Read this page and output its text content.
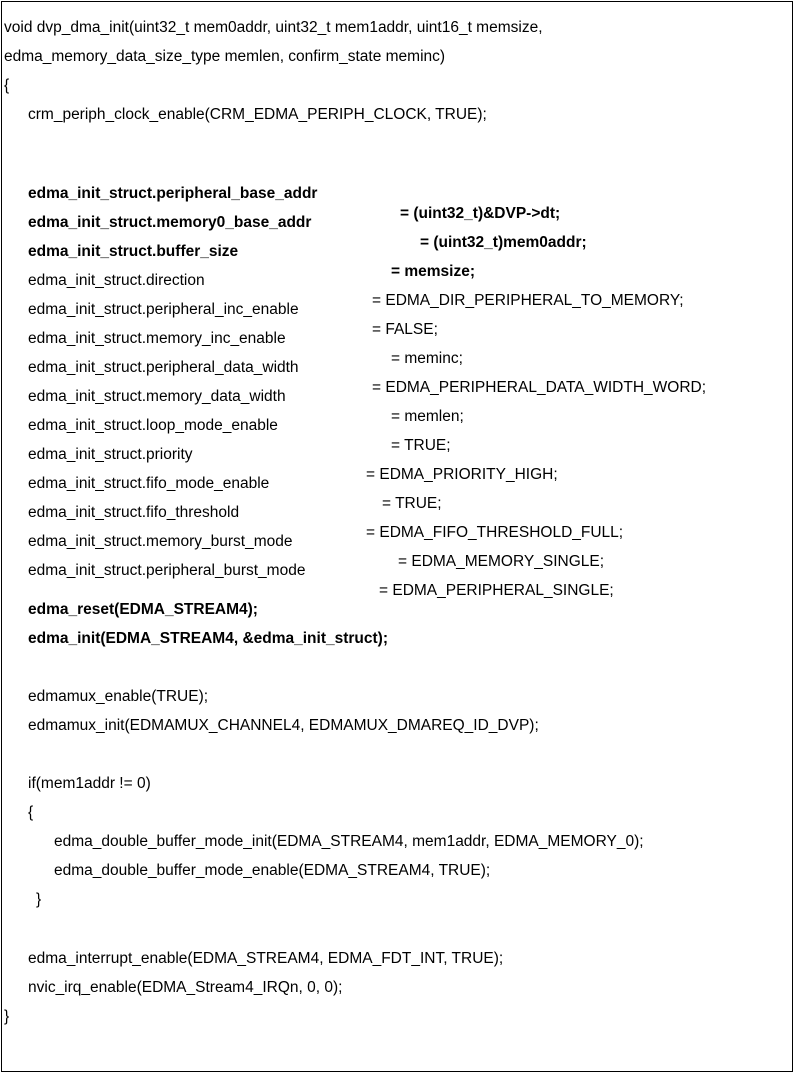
void dvp_dma_init(uint32_t mem0addr, uint32_t mem1addr, uint16_t memsize,
edma_memory_data_size_type memlen, confirm_state meminc)
{
crm_periph_clock_enable(CRM_EDMA_PERIPH_CLOCK, TRUE);

edma_init_struct.peripheral_base_addr

= (uint32_t)&DVP->dt;

edma_init_struct.memory0_base_addr

= (uint32_t)mem0addr;

edma_init_struct.buffer_size

= memsize;

edma_init_struct.direction

= EDMA_DIR_PERIPHERAL_TO_MEMORY;

edma_init_struct.peripheral_inc_enable

= FALSE;

edma_init_struct.memory_inc_enable

= meminc;

edma_init_struct.peripheral_data_width

= EDMA_PERIPHERAL_DATA_WIDTH_WORD;

edma_init_struct.memory_data_width

= memlen;

edma_init_struct.loop_mode_enable

= TRUE;

edma_init_struct.priority

= EDMA_PRIORITY_HIGH;

edma_init_struct.fifo_mode_enable

= TRUE;

edma_init_struct.fifo_threshold

= EDMA_FIFO_THRESHOLD_FULL;

edma_init_struct.memory_burst_mode

= EDMA_MEMORY_SINGLE;

edma_init_struct.peripheral_burst_mode

= EDMA_PERIPHERAL_SINGLE;

edma_reset(EDMA_STREAM4);
edma_init(EDMA_STREAM4, &edma_init_struct);
edmamux_enable(TRUE);
edmamux_init(EDMAMUX_CHANNEL4, EDMAMUX_DMAREQ_ID_DVP);
if(mem1addr != 0)
{
edma_double_buffer_mode_init(EDMA_STREAM4, mem1addr, EDMA_MEMORY_0);
edma_double_buffer_mode_enable(EDMA_STREAM4, TRUE);
}
edma_interrupt_enable(EDMA_STREAM4, EDMA_FDT_INT, TRUE);
nvic_irq_enable(EDMA_Stream4_IRQn, 0, 0);
}
